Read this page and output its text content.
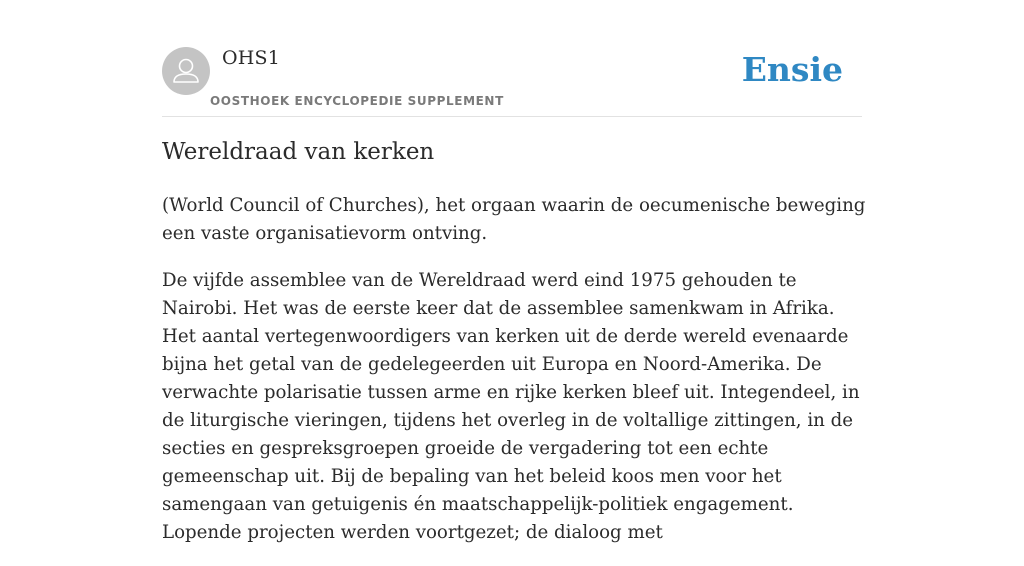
OHS1
OOSTHOEK ENCYCLOPEDIE SUPPLEMENT
Ensie
Wereldraad van kerken

(World Council of Churches), het orgaan waarin de oecumenische beweging een vaste organisatievorm ontving.

De vijfde assemblee van de Wereldraad werd eind 1975 gehouden te Nairobi. Het was de eerste keer dat de assemblee samenkwam in Afrika. Het aantal vertegenwoordigers van kerken uit de derde wereld evenaarde bijna het getal van de gedelegeerden uit Europa en Noord-Amerika. De verwachte polarisatie tussen arme en rijke kerken bleef uit. Integendeel, in de liturgische vieringen, tijdens het overleg in de voltallige zittingen, in de secties en gespreksgroepen groeide de vergadering tot een echte gemeenschap uit. Bij de bepaling van het beleid koos men voor het samengaan van getuigenis én maatschappelijk-politiek engagement. Lopende projecten werden voortgezet; de dialoog met
